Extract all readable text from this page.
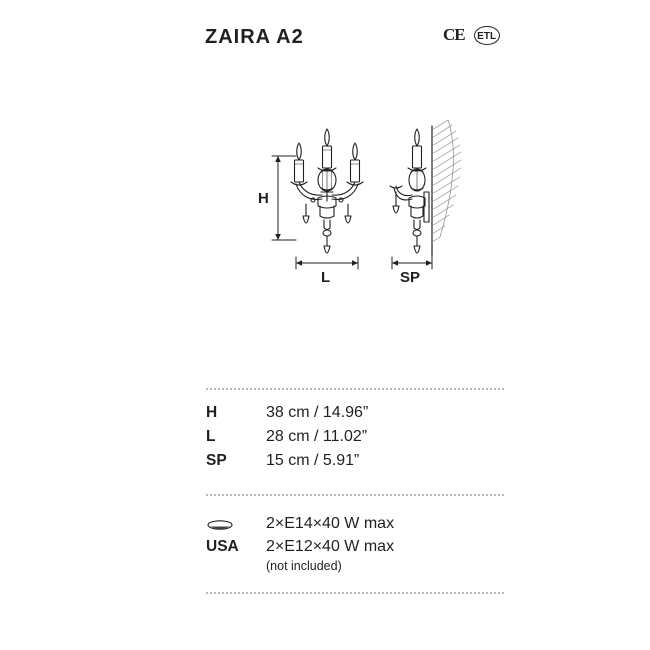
ZAIRA A2	CE	ETL
H
L	SP
H	38 cm / 14.96”
L	28 cm / 11.02”
SP	15 cm / 5.91”
2×E14×40 W max
USA	2×E12×40 W max
(not included)
